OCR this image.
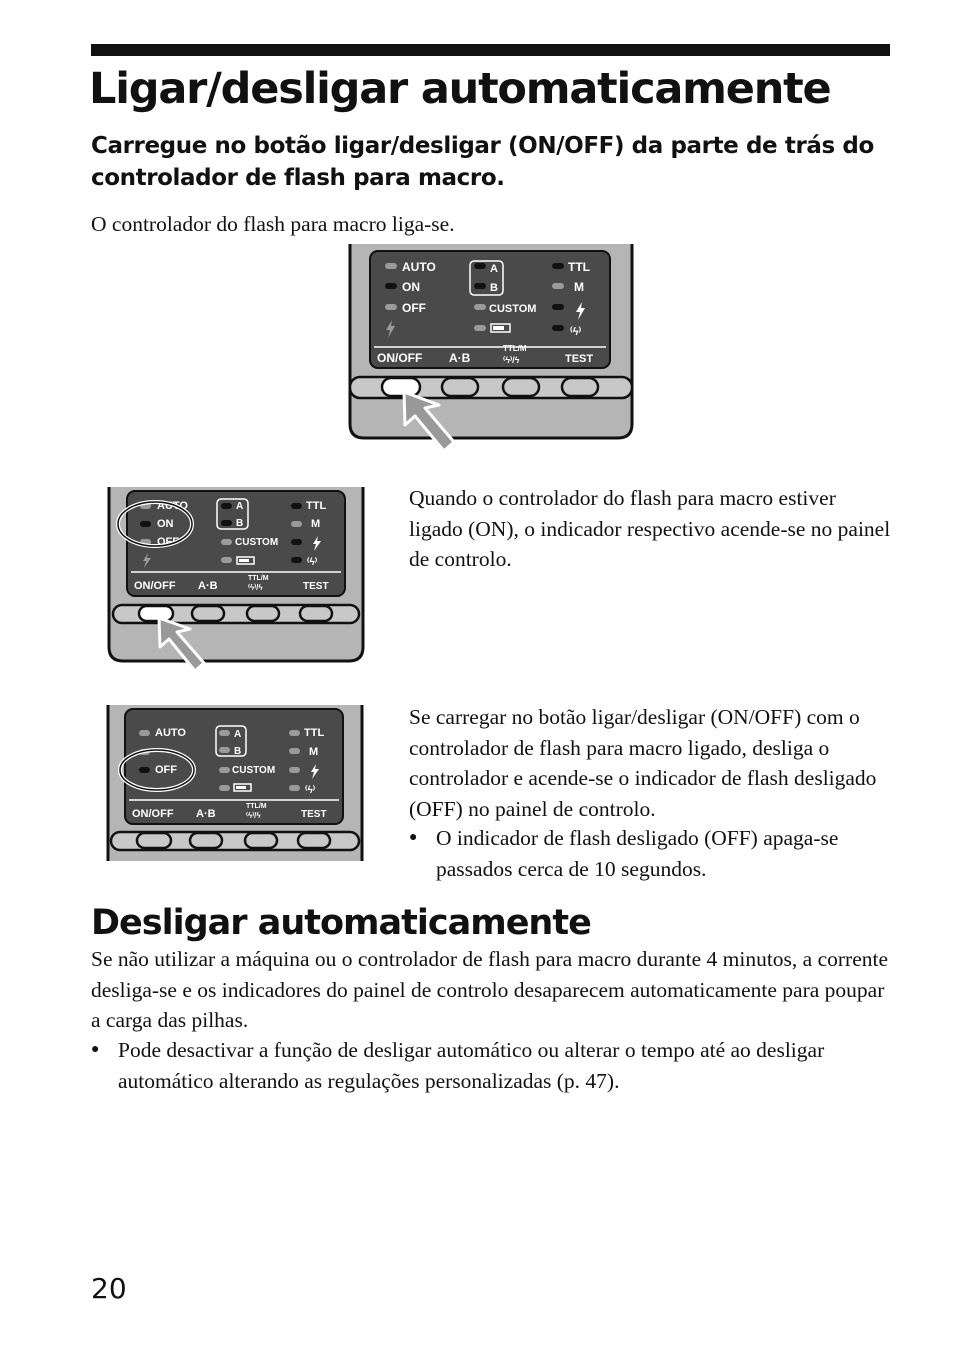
Ligar/desligar automaticamente
Carregue no botão ligar/desligar (ON/OFF) da parte de trás do controlador de flash para macro.
O controlador do flash para macro liga-se.
AUTO
ON
OFF
A
B
CUSTOM
TTL
M
⁽ϟ⁾
ON/OFF A·B
TTL/M
⁽ϟ⁾/ϟ	TEST
AUTO
ON
OFF
A
B
CUSTOM
TTL
M
⁽ϟ⁾
ON/OFF A·B
TTL/M
⁽ϟ⁾/ϟ	TEST
Quando o controlador do flash para macro estiver ligado (ON), o indicador respectivo acende-se no painel de controlo.
AUTO
OFF
A
B
CUSTOM
TTL
M
⁽ϟ⁾
ON/OFF A·B
TTL/M
⁽ϟ⁾/ϟ	TEST
Se carregar no botão ligar/desligar (ON/OFF) com o controlador de flash para macro ligado, desliga o controlador e acende-se o indicador de flash desligado (OFF) no painel de controlo.
● O indicador de flash desligado (OFF) apaga-se passados cerca de 10 segundos.
Desligar automaticamente
Se não utilizar a máquina ou o controlador de flash para macro durante 4 minutos, a corrente desliga-se e os indicadores do painel de controlo desaparecem automaticamente para poupar a carga das pilhas.
● Pode desactivar a função de desligar automático ou alterar o tempo até ao desligar automático alterando as regulações personalizadas (p. 47).
20
